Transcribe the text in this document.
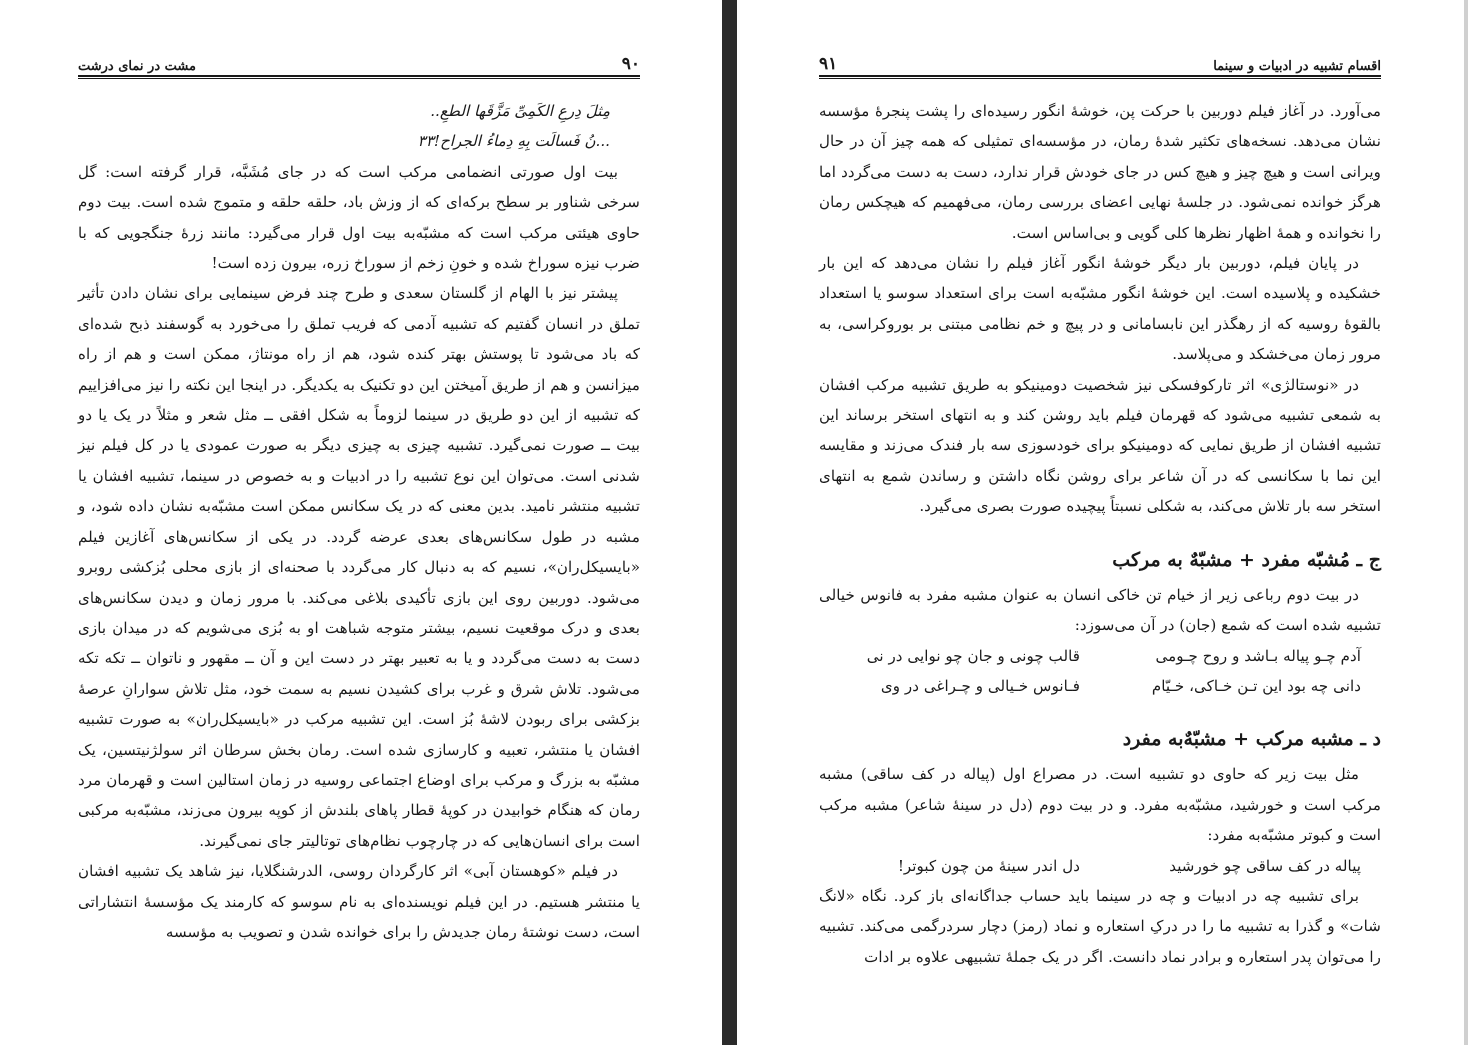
۹۰
مشت در نمای درشت
مِثلَ دِرعِ الکَمِیِّ مَزَّقَها الطعِ..
...نُ فَسالَت بِهِ دِماءُ الجراح!۳۳

بیت اول صورتی انضمامی مرکب است که در جای مُشَبَّه، قرار گرفته است: گل سرخی شناور بر سطح برکه‌ای که از وزش باد، حلقه حلقه و متموج شده است. بیت دوم حاوی هیئتی مرکب است که مشبّه‌به بیت اول قرار می‌گیرد: مانند زرهٔ جنگجویی که با ضرب نیزه سوراخ شده و خونِ زخم از سوراخ زره، بیرون زده است!

پیشتر نیز با الهام از گلستان سعدی و طرح چند فرض سینمایی برای نشان دادن تأثیر تملق در انسان گفتیم که تشبیه آدمی که فریب تملق را می‌خورد به گوسفند ذبح شده‌ای که باد می‌شود تا پوستش بهتر کنده شود، هم از راه مونتاژ، ممکن است و هم از راه میزانسن و هم از طریق آمیختن این دو تکنیک به یکدیگر. در اینجا این نکته را نیز می‌افزاییم که تشبیه از این دو طریق در سینما لزوماً به شکل افقی ــ مثل شعر و مثلاً در یک یا دو بیت ــ صورت نمی‌گیرد. تشبیه چیزی به چیزی دیگر به صورت عمودی یا در کل فیلم نیز شدنی است. می‌توان این نوع تشبیه را در ادبیات و به خصوص در سینما، تشبیه افشان یا تشبیه منتشر نامید. بدین معنی که در یک سکانس ممکن است مشبّه‌به نشان داده شود، و مشبه در طول سکانس‌های بعدی عرضه گردد. در یکی از سکانس‌های آغازین فیلم «بایسیکل‌ران»، نسیم که به دنبال کار می‌گردد با صحنه‌ای از بازی محلی بُزکشی روبرو می‌شود. دوربین روی این بازی تأکیدی بلاغی می‌کند. با مرور زمان و دیدن سکانس‌های بعدی و درک موقعیت نسیم، بیشتر متوجه شباهت او به بُزی می‌شویم که در میدان بازی دست به دست می‌گردد و یا به تعبیر بهتر در دست این و آن ــ مقهور و ناتوان ــ تکه تکه می‌شود. تلاش شرق و غرب برای کشیدن نسیم به سمت خود، مثل تلاش سوارانِ عرصهٔ بزکشی برای ربودن لاشهٔ بُز است. این تشبیه مرکب در «بایسیکل‌ران» به صورت تشبیه افشان یا منتشر، تعبیه و کارسازی شده است. رمان بخش سرطان اثر سولژنیتسین، یک مشبّه به بزرگ و مرکب برای اوضاع اجتماعی روسیه در زمان استالین است و قهرمان مرد رمان که هنگام خوابیدن در کوپهٔ قطار پاهای بلندش از کوپه بیرون می‌زند، مشبّه‌به مرکبی است برای انسان‌هایی که در چارچوب نظام‌های توتالیتر جای نمی‌گیرند.

در فیلم «کوهستان آبی» اثر کارگردان روسی، الدرشنگلایا، نیز شاهد یک تشبیه افشان یا منتشر هستیم. در این فیلم نویسنده‌ای به نام سوسو که کارمند یک مؤسسهٔ انتشاراتی است، دست نوشتهٔ رمان جدیدش را برای خوانده شدن و تصویب به مؤسسه

اقسام تشبیه در ادبیات و سینما
۹۱

می‌آورد. در آغاز فیلم دوربین با حرکت پن، خوشهٔ انگور رسیده‌ای را پشت پنجرهٔ مؤسسه نشان می‌دهد. نسخه‌های تکثیر شدهٔ رمان، در مؤسسه‌ای تمثیلی که همه چیز آن در حال ویرانی است و هیچ چیز و هیچ کس در جای خودش قرار ندارد، دست به دست می‌گردد اما هرگز خوانده نمی‌شود. در جلسهٔ نهایی اعضای بررسی رمان، می‌فهمیم که هیچکس رمان را نخوانده و همهٔ اظهار نظرها کلی گویی و بی‌اساس است.

در پایان فیلم، دوربین بار دیگر خوشهٔ انگور آغاز فیلم را نشان می‌دهد که این بار خشکیده و پلاسیده است. این خوشهٔ انگور مشبّه‌به است برای استعداد سوسو یا استعداد بالقوهٔ روسیه که از رهگذر این نابسامانی و در پیچ و خم نظامی مبتنی بر بوروکراسی، به مرور زمان می‌خشکد و می‌پلاسد.

در «نوستالژی» اثر تارکوفسکی نیز شخصیت دومینیکو به طریق تشبیه مرکب افشان به شمعی تشبیه می‌شود که قهرمان فیلم باید روشن کند و به انتهای استخر برساند این تشبیه افشان از طریق نمایی که دومینیکو برای خودسوزی سه بار فندک می‌زند و مقایسه این نما با سکانسی که در آن شاعر برای روشن نگاه داشتن و رساندن شمع به انتهای استخر سه بار تلاش می‌کند، به شکلی نسبتاً پیچیده صورت بصری می‌گیرد.

ج ـ مُشبّه مفرد + مشبّهٌ به مرکب

در بیت دوم رباعی زیر از خیام تن خاکی انسان به عنوان مشبه مفرد به فانوس خیالی تشبیه شده است که شمع (جان) در آن می‌سوزد:

آدم چـو پیاله بـاشد و روح چـومی
قالب چونی و جان چو نوایی در نی
دانی چه بود این تـن خـاکی، خـیّام
فـانوس خـیالی و چـراغی در وی
د ـ مشبه مرکب + مشبّهٌ‌به مفرد

مثل بیت زیر که حاوی دو تشبیه است. در مصراع اول (پیاله در کف ساقی) مشبه مرکب است و خورشید، مشبّه‌به مفرد. و در بیت دوم (دل در سینهٔ شاعر) مشبه مرکب است و کبوتر مشبّه‌به مفرد:

پیاله در کف ساقی چو خورشید
دل اندر سینهٔ من چون کبوتر!

برای تشبیه چه در ادبیات و چه در سینما باید حساب جداگانه‌ای باز کرد. نگاه «لانگ شات» و گذرا به تشبیه ما را در درکِ استعاره و نماد (رمز) دچار سردرگمی می‌کند. تشبیه را می‌توان پدر استعاره و برادر نماد دانست. اگر در یک جملهٔ تشبیهی علاوه بر ادات
